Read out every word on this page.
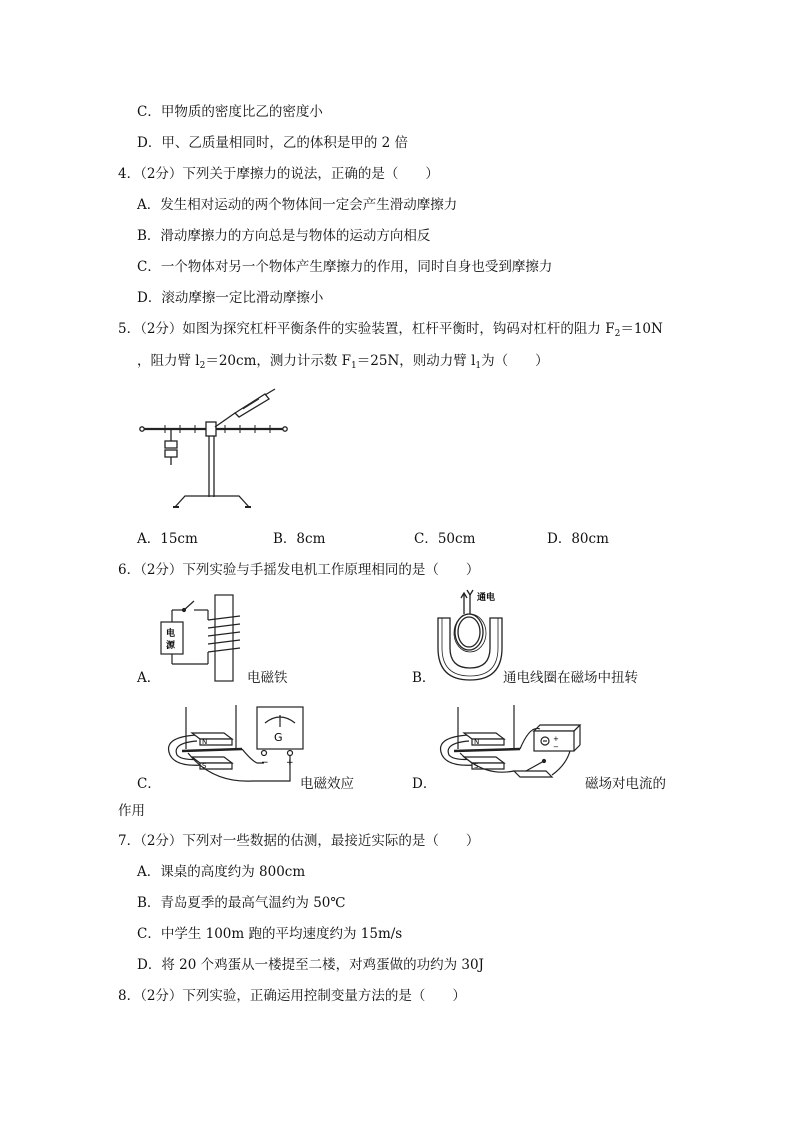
C．甲物质的密度比乙的密度小
D．甲、乙质量相同时，乙的体积是甲的 2 倍
4．（2分）下列关于摩擦力的说法，正确的是（　　）
A．发生相对运动的两个物体间一定会产生滑动摩擦力
B．滑动摩擦力的方向总是与物体的运动方向相反
C．一个物体对另一个物体产生摩擦力的作用，同时自身也受到摩擦力
D．滚动摩擦一定比滑动摩擦小
5．（2分）如图为探究杠杆平衡条件的实验装置，杠杆平衡时，钩码对杠杆的阻力 $F_2=10N$
，阻力臂 $l_2=20cm$，测力计示数 $F_1=25N$，则动力臂 $l_1$为（　　）
A．15cm	B．8cm	C．50cm	D．80cm
6．（2分）下列实验与手摇发电机工作原理相同的是（　　）
电
源
A．	电磁铁
通电
B．	通电线圈在磁场中扭转
G
− +
N
S
C．	电磁效应
+
−
N
S
D．	磁场对电流的
作用
7．（2分）下列对一些数据的估测，最接近实际的是（　　）
A．课桌的高度约为 800cm
B．青岛夏季的最高气温约为 50℃
C．中学生 100m 跑的平均速度约为 15m/s
D．将 20 个鸡蛋从一楼提至二楼，对鸡蛋做的功约为 30J
8．（2分）下列实验，正确运用控制变量方法的是（　　）
